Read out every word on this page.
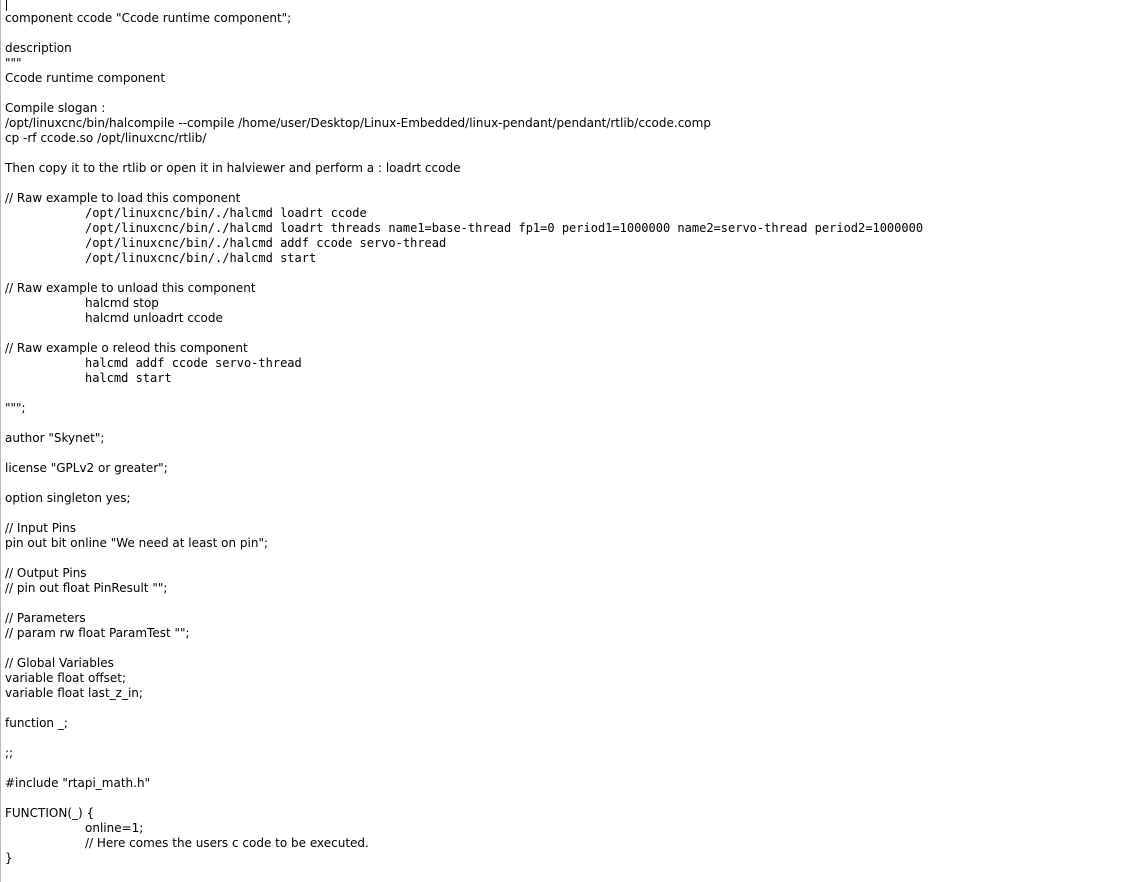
component ccode "Ccode runtime component";
description
"""
Ccode runtime component
Compile slogan :
/opt/linuxcnc/bin/halcompile --compile /home/user/Desktop/Linux-Embedded/linux-pendant/pendant/rtlib/ccode.comp
cp -rf ccode.so /opt/linuxcnc/rtlib/
Then copy it to the rtlib or open it in halviewer and perform a : loadrt ccode
// Raw example to load this component
/opt/linuxcnc/bin/./halcmd loadrt ccode
/opt/linuxcnc/bin/./halcmd loadrt threads name1=base-thread fp1=0 period1=1000000 name2=servo-thread period2=1000000
/opt/linuxcnc/bin/./halcmd addf ccode servo-thread
/opt/linuxcnc/bin/./halcmd start
// Raw example to unload this component
halcmd stop
halcmd unloadrt ccode
// Raw example o releod this component
halcmd addf ccode servo-thread
halcmd start
""";
author "Skynet";
license "GPLv2 or greater";
option singleton yes;
// Input Pins
pin out bit online "We need at least on pin";
// Output Pins
// pin out float PinResult "";
// Parameters
// param rw float ParamTest "";
// Global Variables
variable float offset;
variable float last_z_in;
function _;
;;
#include "rtapi_math.h"
FUNCTION(_) {
online=1;
// Here comes the users c code to be executed.
}
